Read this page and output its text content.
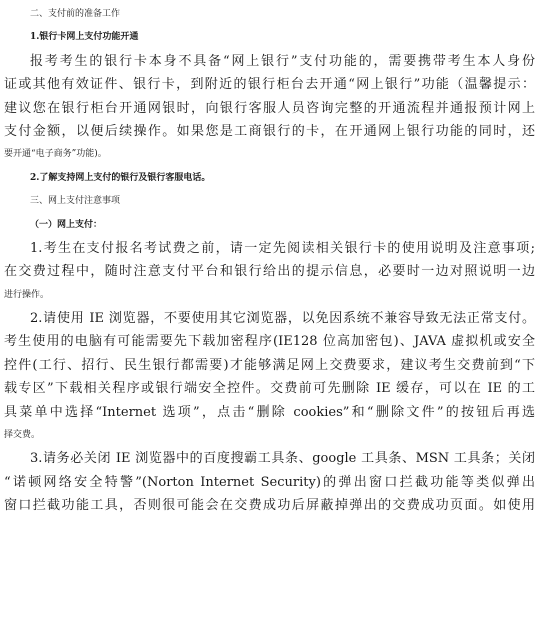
二、支付前的准备工作
1.银行卡网上支付功能开通
报考考生的银行卡本身不具备“网上银行”支付功能的，需要携带考生本人身份
证或其他有效证件、银行卡，到附近的银行柜台去开通“网上银行”功能（温馨提示：
建议您在银行柜台开通网银时，向银行客服人员咨询完整的开通流程并通报预计网上
支付金额，以便后续操作。如果您是工商银行的卡，在开通网上银行功能的同时，还
要开通“电子商务”功能)。
2.了解支持网上支付的银行及银行客服电话。
三、网上支付注意事项
（一）网上支付：
1.考生在支付报名考试费之前，请一定先阅读相关银行卡的使用说明及注意事项;
在交费过程中，随时注意支付平台和银行给出的提示信息，必要时一边对照说明一边
进行操作。
2.请使用 IE 浏览器，不要使用其它浏览器，以免因系统不兼容导致无法正常支付。
考生使用的电脑有可能需要先下载加密程序(IE128 位高加密包)、JAVA 虚拟机或安全
控件(工行、招行、民生银行都需要)才能够满足网上交费要求，建议考生交费前到“下
载专区”下载相关程序或银行端安全控件。交费前可先删除 IE 缓存，可以在 IE 的工
具菜单中选择“Internet 选项”，点击“删除 cookies”和“删除文件”的按钮后再选
择交费。
3.请务必关闭 IE 浏览器中的百度搜霸工具条、google 工具条、MSN 工具条；关闭
“诺顿网络安全特警”(Norton Internet Security)的弹出窗口拦截功能等类似弹出
窗口拦截功能工具，否则很可能会在交费成功后屏蔽掉弹出的交费成功页面。如使用
